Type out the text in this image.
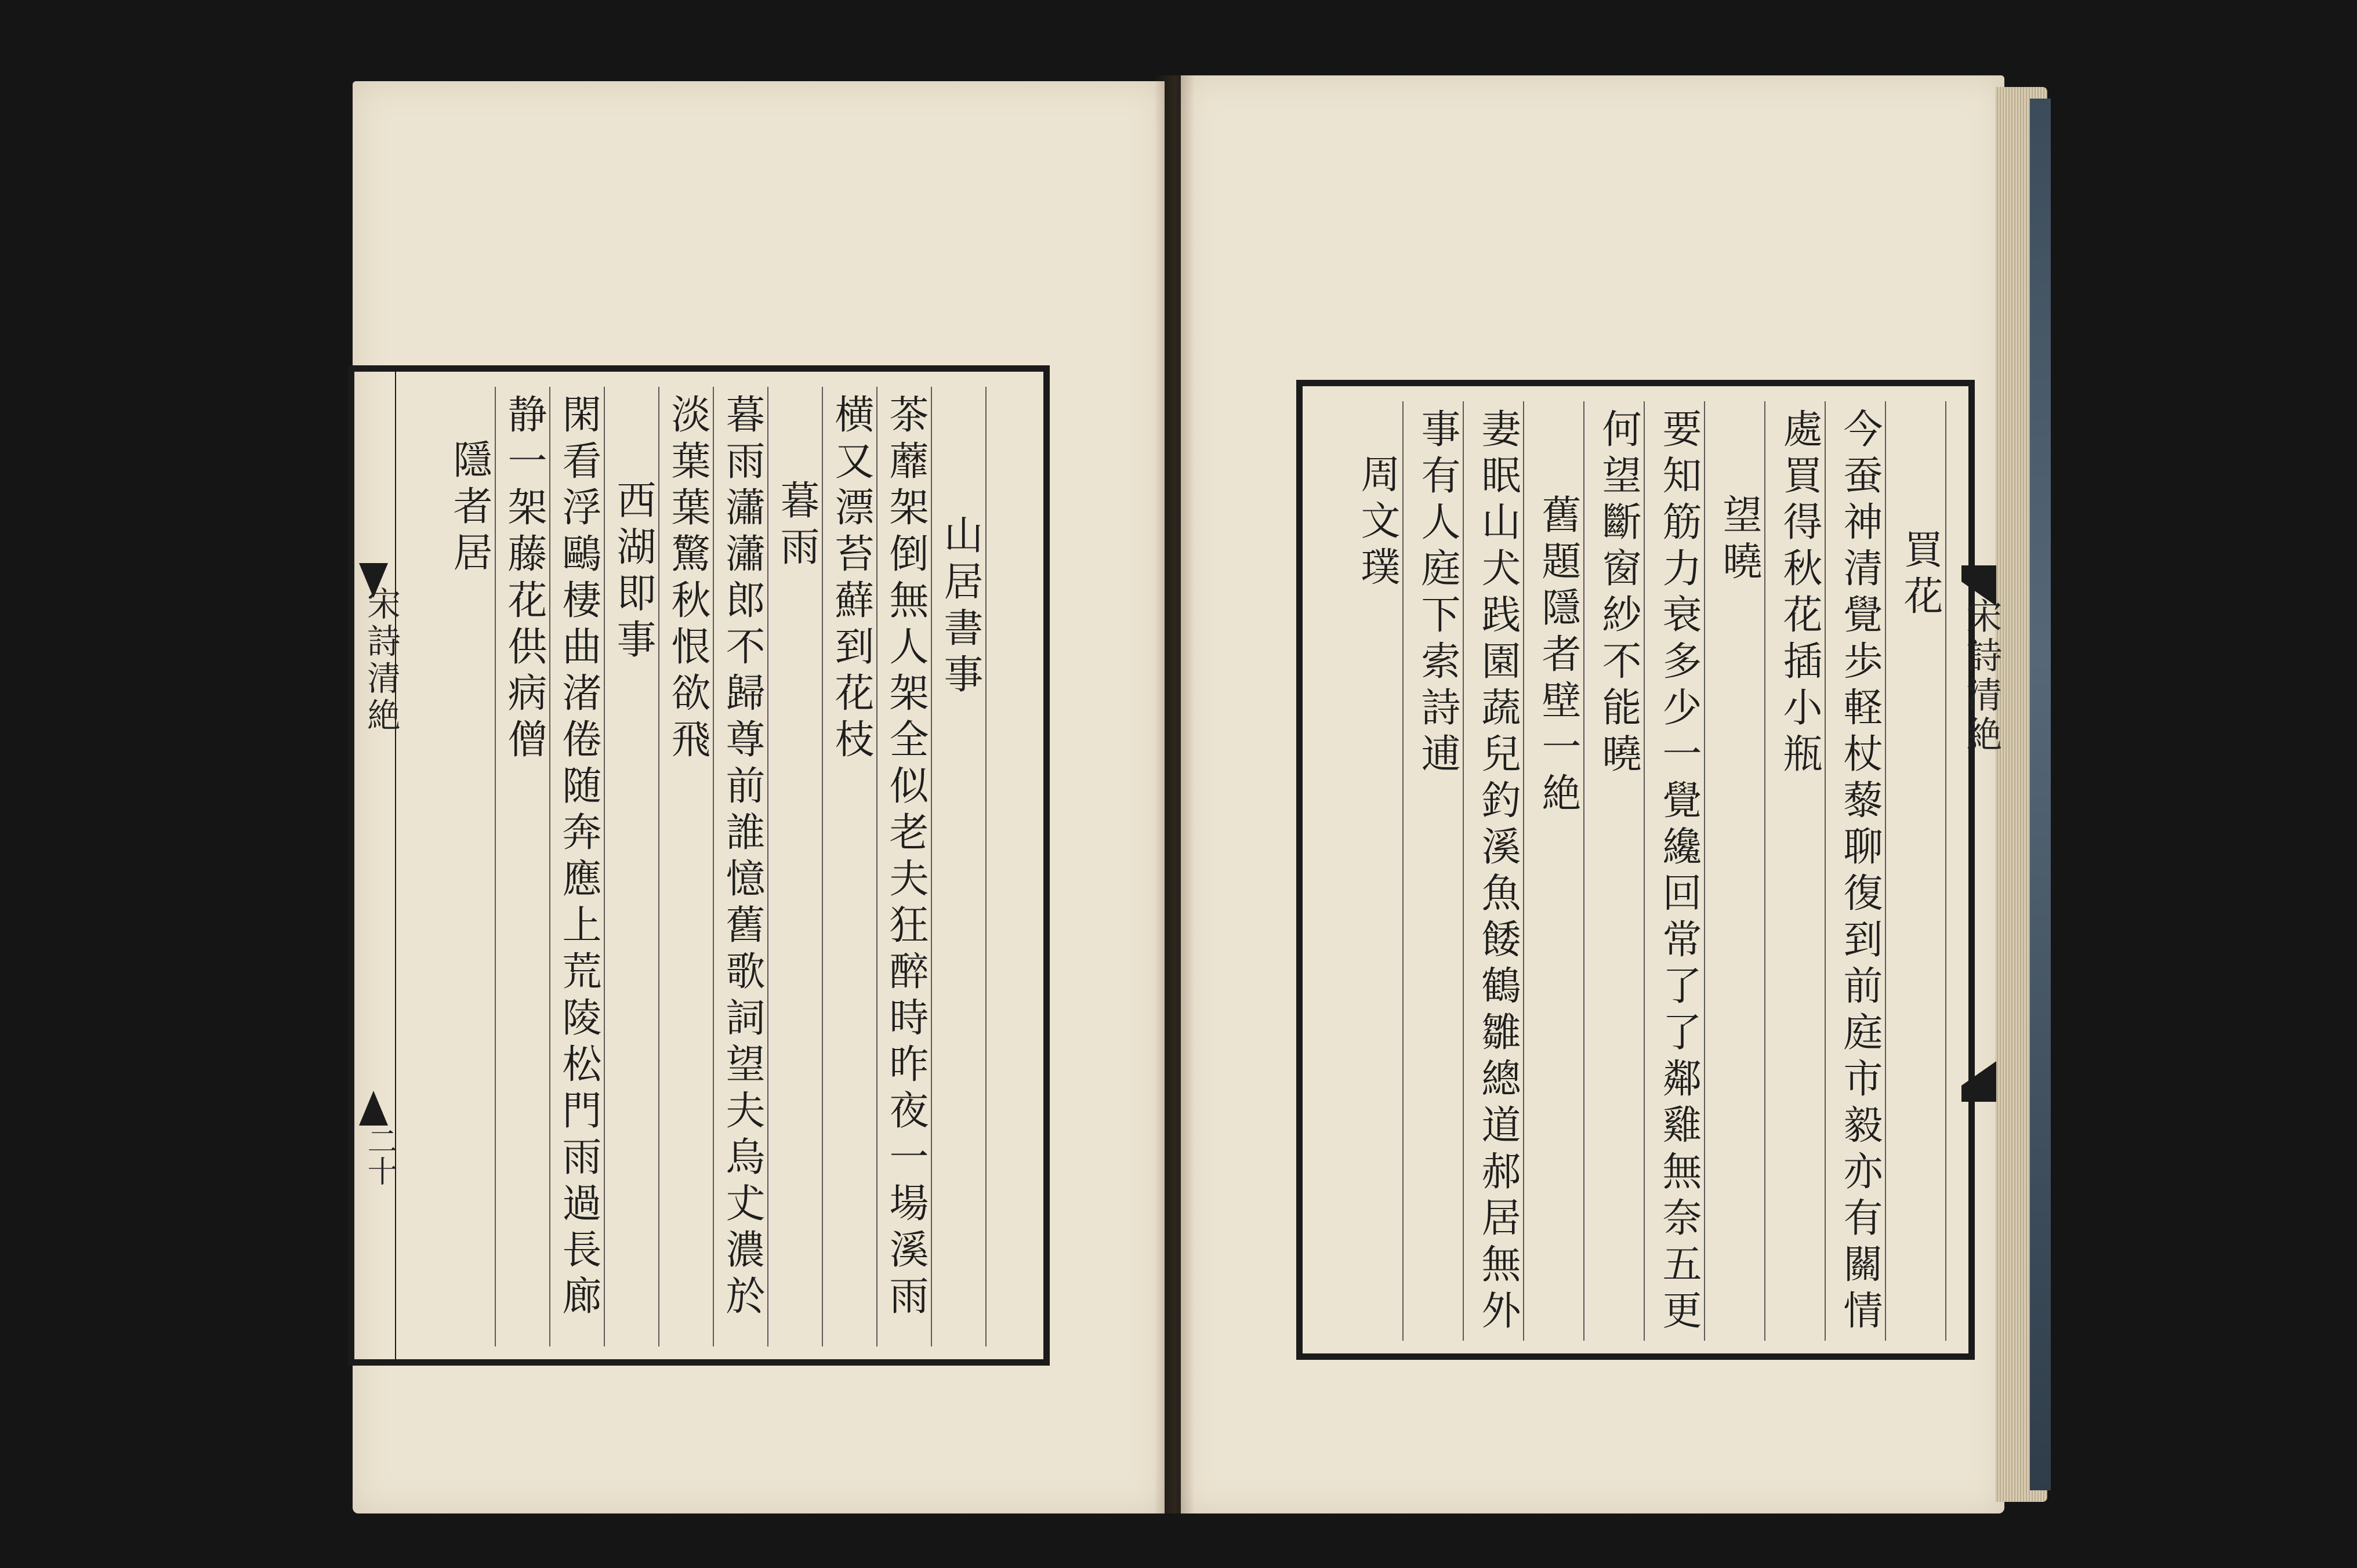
宋詩清絶
二十
山居書事
茶蘼架倒無人架全似老夫狂醉時昨夜一場溪雨
横又漂苔蘚到花枝
暮雨
暮雨瀟瀟郎不歸尊前誰憶舊歌詞望夫烏𠀋濃於
淡葉葉驚秋恨欲飛
西湖即事
閑看浮鷗棲曲渚倦随奔應上荒陵松門雨過長廊
静一架藤花供病僧
隱者居	買花
今蚕神清覺歩軽杖藜聊復到前庭市毅亦有關情
處買得秋花插小瓶
望曉
要知筋力衰多少一覺纔回常了了鄰雞無奈五更
何望斷窗紗不能曉
舊題隱者壁一絶
妻眠山犬践園蔬兒釣溪魚餧鶴雛總道郝居無外
事有人庭下索詩逋
周文璞
宋詩清絶
